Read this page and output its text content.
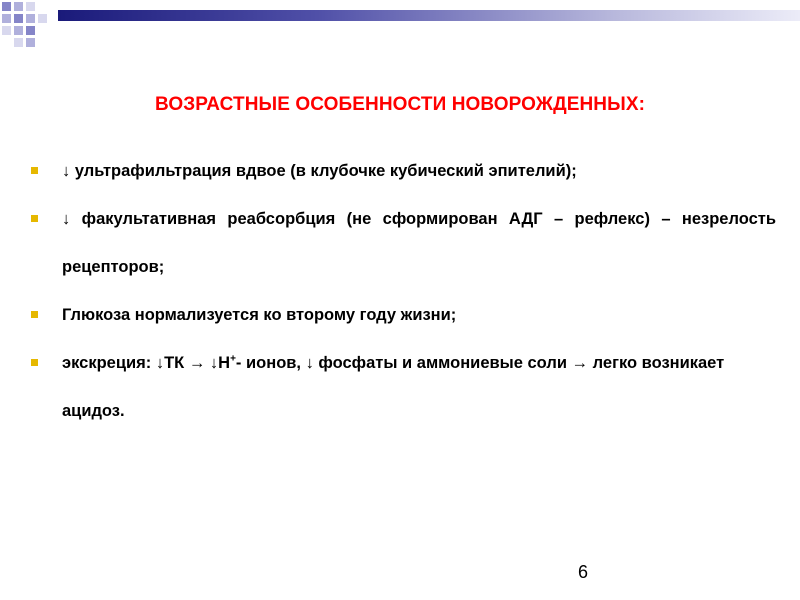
ВОЗРАСТНЫЕ ОСОБЕННОСТИ НОВОРОЖДЕННЫХ:
↓ ультрафильтрация вдвое (в клубочке кубический эпителий);
↓ факультативная реабсорбция (не сформирован АДГ – рефлекс) – незрелость рецепторов;
Глюкоза нормализуется ко второму году жизни;
экскреция: ↓ТК → ↓Н+- ионов, ↓ фосфаты и аммониевые соли → легко возникает ацидоз.
6
